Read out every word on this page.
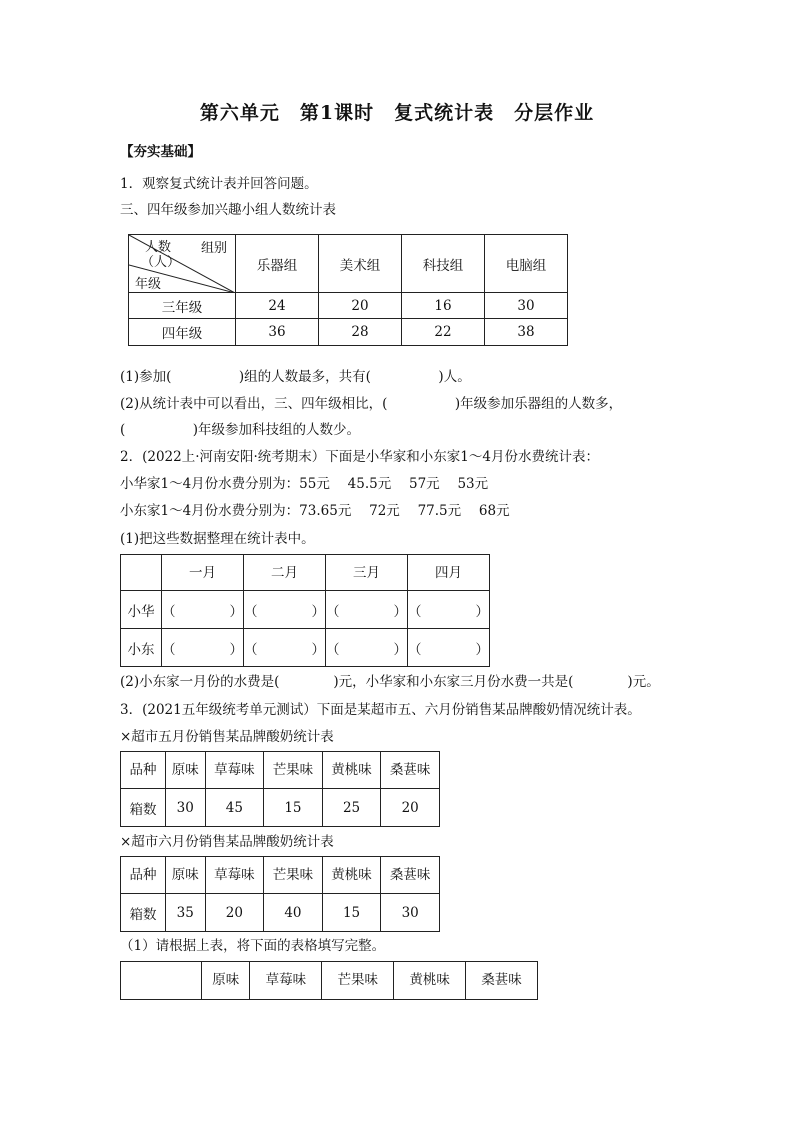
第六单元　第1课时　复式统计表　分层作业
【夯实基础】
1．观察复式统计表并回答问题。
三、四年级参加兴趣小组人数统计表
组别
人数
（人）
年级	乐器组	美术组	科技组	电脑组
三年级	24	20	16	30
四年级	36	28	22	38
(1)参加(　　　　　)组的人数最多，共有(　　　　　)人。
(2)从统计表中可以看出，三、四年级相比，(　　　　　)年级参加乐器组的人数多，
(　　　　　)年级参加科技组的人数少。
2．(2022上·河南安阳·统考期末）下面是小华家和小东家1～4月份水费统计表：
小华家1～4月份水费分别为：55元　 45.5元　 57元　 53元
小东家1～4月份水费分别为：73.65元　 72元　 77.5元　 68元
(1)把这些数据整理在统计表中。
	一月	二月	三月	四月
小华	（　　　　）	（　　　　）	（　　　　）	（　　　　）
小东	（　　　　）	（　　　　）	（　　　　）	（　　　　）
(2)小东家一月份的水费是(　　　　)元，小华家和小东家三月份水费一共是(　　　　)元。
3．(2021五年级统考单元测试）下面是某超市五、六月份销售某品牌酸奶情况统计表。
×超市五月份销售某品牌酸奶统计表
品种	原味	草莓味	芒果味	黄桃味	桑葚味
箱数	30	45	15	25	20
×超市六月份销售某品牌酸奶统计表
品种	原味	草莓味	芒果味	黄桃味	桑葚味
箱数	35	20	40	15	30
（1）请根据上表，将下面的表格填写完整。
	原味	草莓味	芒果味	黄桃味	桑葚味
